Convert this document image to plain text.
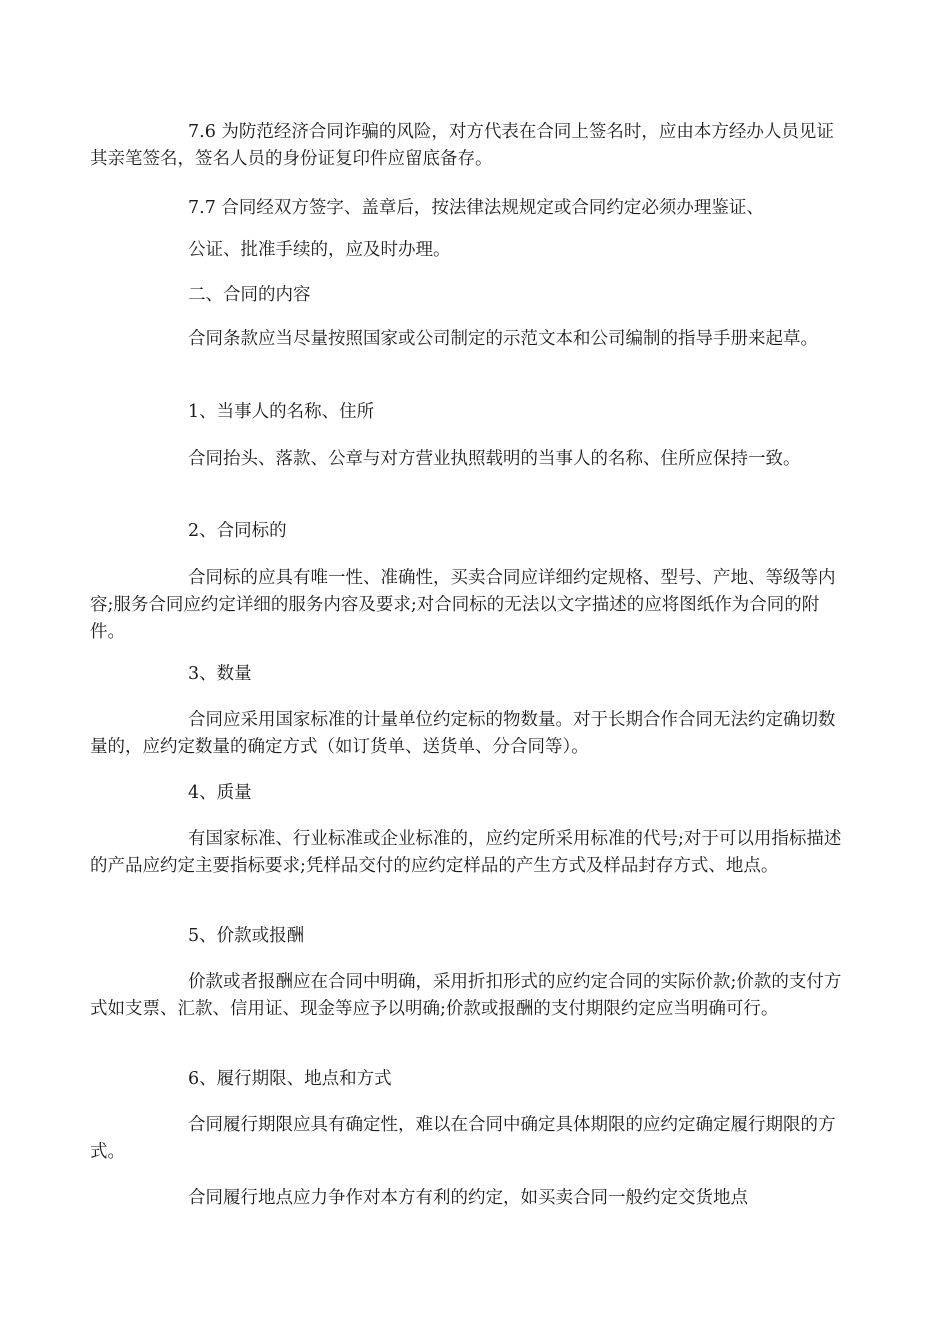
7.6 为防范经济合同诈骗的风险，对方代表在合同上签名时，应由本方经办人员见证其亲笔签名，签名人员的身份证复印件应留底备存。

7.7 合同经双方签字、盖章后，按法律法规规定或合同约定必须办理鉴证、

公证、批准手续的，应及时办理。

二、合同的内容

合同条款应当尽量按照国家或公司制定的示范文本和公司编制的指导手册来起草。

1、当事人的名称、住所

合同抬头、落款、公章与对方营业执照载明的当事人的名称、住所应保持一致。

2、合同标的

合同标的应具有唯一性、准确性，买卖合同应详细约定规格、型号、产地、等级等内容;服务合同应约定详细的服务内容及要求;对合同标的无法以文字描述的应将图纸作为合同的附件。

3、数量

合同应采用国家标准的计量单位约定标的物数量。对于长期合作合同无法约定确切数量的，应约定数量的确定方式（如订货单、送货单、分合同等）。

4、质量

有国家标准、行业标准或企业标准的，应约定所采用标准的代号;对于可以用指标描述的产品应约定主要指标要求;凭样品交付的应约定样品的产生方式及样品封存方式、地点。

5、价款或报酬

价款或者报酬应在合同中明确，采用折扣形式的应约定合同的实际价款;价款的支付方式如支票、汇款、信用证、现金等应予以明确;价款或报酬的支付期限约定应当明确可行。

6、履行期限、地点和方式

合同履行期限应具有确定性，难以在合同中确定具体期限的应约定确定履行期限的方式。

合同履行地点应力争作对本方有利的约定，如买卖合同一般约定交货地点
